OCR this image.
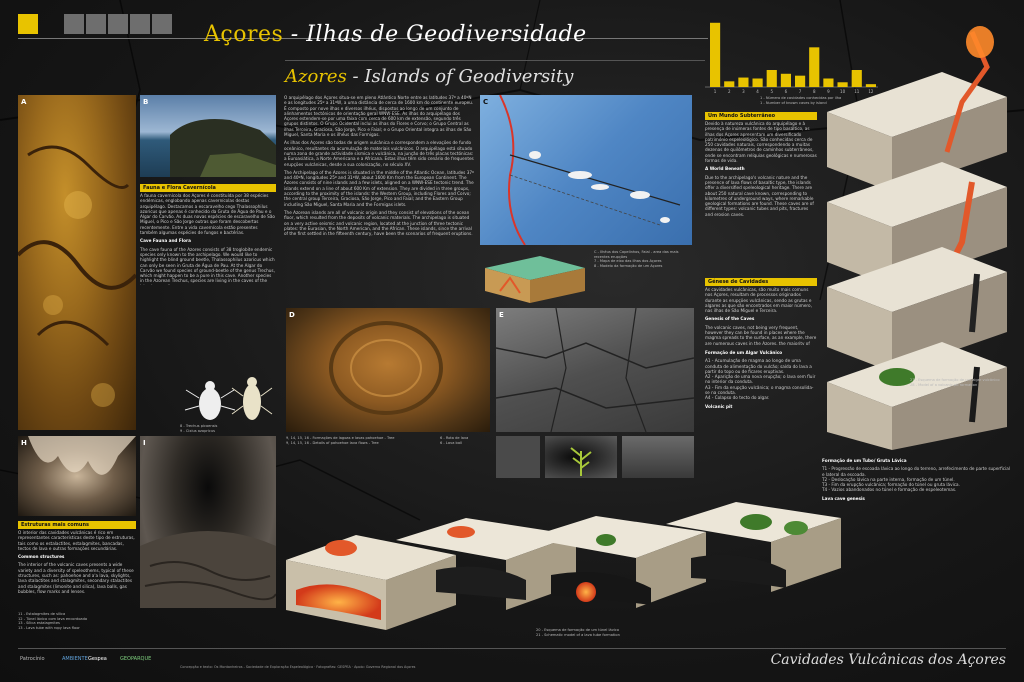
Açores - Ilhas de Geodiversidade
Azores - Islands of Geodiversity
1	2	3	4	5	6	7	8	9	10 11 12
1 - Número de cavidades conhecidas por ilha
1 - Number of known caves by island
A	B
Fauna e Flora Cavernícola

A fauna cavernícola dos Açores é constituída por 38 espécies endémicas, englobando apenas cavernícolas destas arquipélago. Destacamos a escaravelho cego Thalassophilus azoricus que apenas é conhecido da Gruta de Água de Pau e o Algar do Carvão. As duas novas espécies de escaravelho de São Miguel, o Pico e São Jorge outras que foram descobertas recentemente. Entre a vida cavernícola estão presentes também algumas espécies de fungos e bactérias.

Cave Fauna and Flora

The cave fauna of the Azores consists of 38 troglobite endemic species only known to the archipelago. We would like to highlight the blind ground beetle, Thalassophilus azoricus which can only be seen in Gruta de Água de Pau. At the Algar do Carvão we found species of ground-beetle of the genus Trechus, which might happen to be a pure in this cave. Another species in the Azorean Trechus, species are living in the caves of the

8 - Trechus picoensis
9 - Cixius azopricus
H	I
Estruturas mais comuns

O interior das cavidades vulcânicas é rico em representantes características deste tipo de estruturas, tais como os estalactites, estalagmites, bancadas, tectos de lava e outras formações secundárias.

Common structures

The interior of the volcanic caves presents a wide variety and a diversity of speleothems, typical of these structures, such as: pahoehoe and a'a lava, skylights, lava stalactites and stalagmites, secondary stalactites and stalagmites (limonite and silica), lava balls, gas bubbles, flow marks and lenses.

11 - Estalagmites de sílica
12 - Túnel lávico com lava encordoada
13 - Sílica estalagmites
13 - Lava tube with ropy lava floor

O arquipélago dos Açores situa-se em pleno Atlântico Norte entre as latitudes 37º a 40ºN e as longitudes 25º a 31ºW, a uma distância de cerca de 1600 km do continente europeu. É composto por nove ilhas e diversos ilhéus, dispostos ao longo de um conjunto de alinhamentos tectónicos de orientação geral WNW-ESE. As ilhas do arquipélago dos Açores estendem-se por uma faixa com cerca de 600 km de extensão, segundo três grupos distintos. O Grupo Ocidental inclui as ilhas do Flores e Corvo; o Grupo Central as ilhas Terceira, Graciosa, São Jorge, Pico e Faial; e o Grupo Oriental integra as ilhas de São Miguel, Santa Maria e os ilhéus das Formigas.

As ilhas dos Açores são todas de origem vulcânica e correspondem a elevações de fundo oceânico, resultantes da acumulação de materiais vulcânicos. O arquipélago está situado numa zona de grande actividade sísmica e vulcânica, na junção de três placas tectónicas: a Euroasiática, a Norte Americana e a Africana. Estas ilhas têm sido cenário de frequentes erupções vulcânicas, desde a sua colonização, no século XV.

The Archipelago of the Azores is situated in the middle of the Atlantic Ocean, latitudes 37º and 40ºN, longitudes 25º and 31ºW, about 1600 Km from the European Continent. The Azores consists of nine islands and a few islets, aligned on a WNW-ESE tectonic trend. The islands extend on a line of about 600 Km of extension. They are divided in three groups, according to the proximity of the islands: the Western Group, including Flores and Corvo; the central group Terceira, Graciosa, São Jorge, Pico and Faial; and the Eastern Group including São Miguel, Santa Maria and the Formigas islets.

The Azorean islands are all of volcanic origin and they consist of elevations of the ocean floor, which resulted from the deposits of volcanic materials. The archipelago is situated on a very active seismic and volcanic region, located at the junction of three tectonic plates: the Eurasian, the North American, and the African. These islands, since the arrival of the first settled in the fifteenth century, have been the scenarios of frequent eruptions.

C
C - Ilhéus dos Capelinhos, Faial - area das mais recentes erupções
7 - Mapa de eixo das ilhas dos Açores
8 - Modelo da formação de um Açores
D	E
9, 14, 15, 16 - Formações de lagoas e lavas pahoehoe - Tree
9, 14, 15, 16 - Details of pahoehoe lava flows - Tree
6 - Rota de lava
6 - Lava ball
20 - Esquema de formação de um túnel lávico
21 - Schematic model of a lava tube formation
Um Mundo Subterrâneo

Devido à natureza vulcânica do arquipélago e à presença de inúmeras fontes de tipo basáltico, as ilhas dos Açores apresentam um diversificado património espeleológico. São conhecidas cerca de 250 cavidades naturais, correspondendo a muitas dezenas de quilómetros de caminhos subterrâneos, onde se encontram relíquias geológicas e numerosas formas de vida.

A World Beneath

Due to the archipelago's volcanic nature and the presence of lava flows of basaltic type, the islands offer a diversified speleological heritage. There are about 250 natural cave known, corresponding to kilometres of underground ways, where remarkable geological formations are found. These caves are of different types: volcanic tubes and pits, fractures and erosion caves.

Génese de Cavidades

As cavidades vulcânicas, são muito mais comuns nos Açores, resultam de processos originados durante as erupções vulcânicas, sendo as grutas e algares as que são encontrados em maior número, nas ilhas de São Miguel e Terceira.

Genesis of the Caves

The volcanic caves, not being very frequent, however they can be found in places where the magma spreads to the surface, as an example, there are numerous caves in the Azores, the majority of

Formação de um Algar Vulcânico

A1 - Acumulação de magma ao longo de uma conduta de alimentação do vulcão; saída do lava a partir do topo ou de ficares eruptivas.
A2 - Aparição de uma nova erupção; o lava sem fluir no interior da conduta.
A3 - Fim da erupção vulcânica; o magma consolida-se na conduta.
A4 - Colapso do tecto do algar.

Volcanic pit

27 - Esquema de formação de um algar vulcânico
28 - Model of a volcanic pit formation

Formação de um Tubo/ Gruta Lávica

T1 - Progressão de escoada lávica ao longo do terreno, arrefecimento de parte superficial e lateral da escoada.
T2 - Deslocação lávica na parte interna, formação de um túnel.
T3 - Fim da erupção vulcânica; formação do túnel ou gruta lávica.
T4 - Vazios abandonados no túnel e formação de espeleotemas.

Lava cave genesis

Patrocínio	AMBIENTE Gespea	GEOPARQUE
Concepção e texto: Os Montanheiros - Sociedade de Exploração Espeleológica · Fotografias: GESPEA · Apoio: Governo Regional dos Açores	Cavidades Vulcânicas dos Açores
